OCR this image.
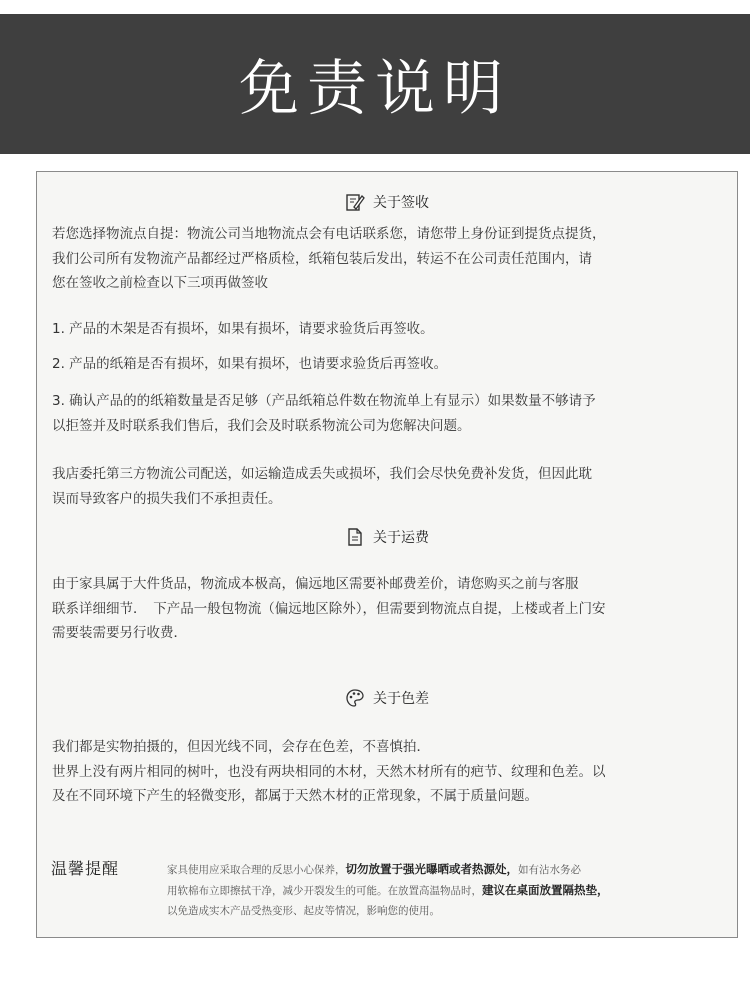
免责说明
关于签收
若您选择物流点自提：物流公司当地物流点会有电话联系您，请您带上身份证到提货点提货，
我们公司所有发物流产品都经过严格质检，纸箱包装后发出，转运不在公司责任范围内，请
您在签收之前检查以下三项再做签收
1. 产品的木架是否有损坏，如果有损坏，请要求验货后再签收。
2. 产品的纸箱是否有损坏，如果有损坏，也请要求验货后再签收。
3. 确认产品的的纸箱数量是否足够（产品纸箱总件数在物流单上有显示）如果数量不够请予
以拒签并及时联系我们售后，我们会及时联系物流公司为您解决问题。
我店委托第三方物流公司配送，如运输造成丢失或损坏，我们会尽快免费补发货，但因此耽
误而导致客户的损失我们不承担责任。
关于运费
由于家具属于大件货品，物流成本极高，偏远地区需要补邮费差价，请您购买之前与客服
联系详细细节．　下产品一般包物流（偏远地区除外），但需要到物流点自提，上楼或者上门安
需要装需要另行收费．
关于色差
我们都是实物拍摄的，但因光线不同，会存在色差，不喜慎拍．
世界上没有两片相同的树叶，也没有两块相同的木材，天然木材所有的疤节、纹理和色差。以
及在不同环境下产生的轻微变形，都属于天然木材的正常现象，不属于质量问题。
温馨提醒	家具使用应采取合理的反思小心保养，切勿放置于强光曝晒或者热源处，如有沾水务必
用软棉布立即擦拭干净，减少开裂发生的可能。在放置高温物品时，建议在桌面放置隔热垫，
以免造成实木产品受热变形、起皮等情况，影响您的使用。
